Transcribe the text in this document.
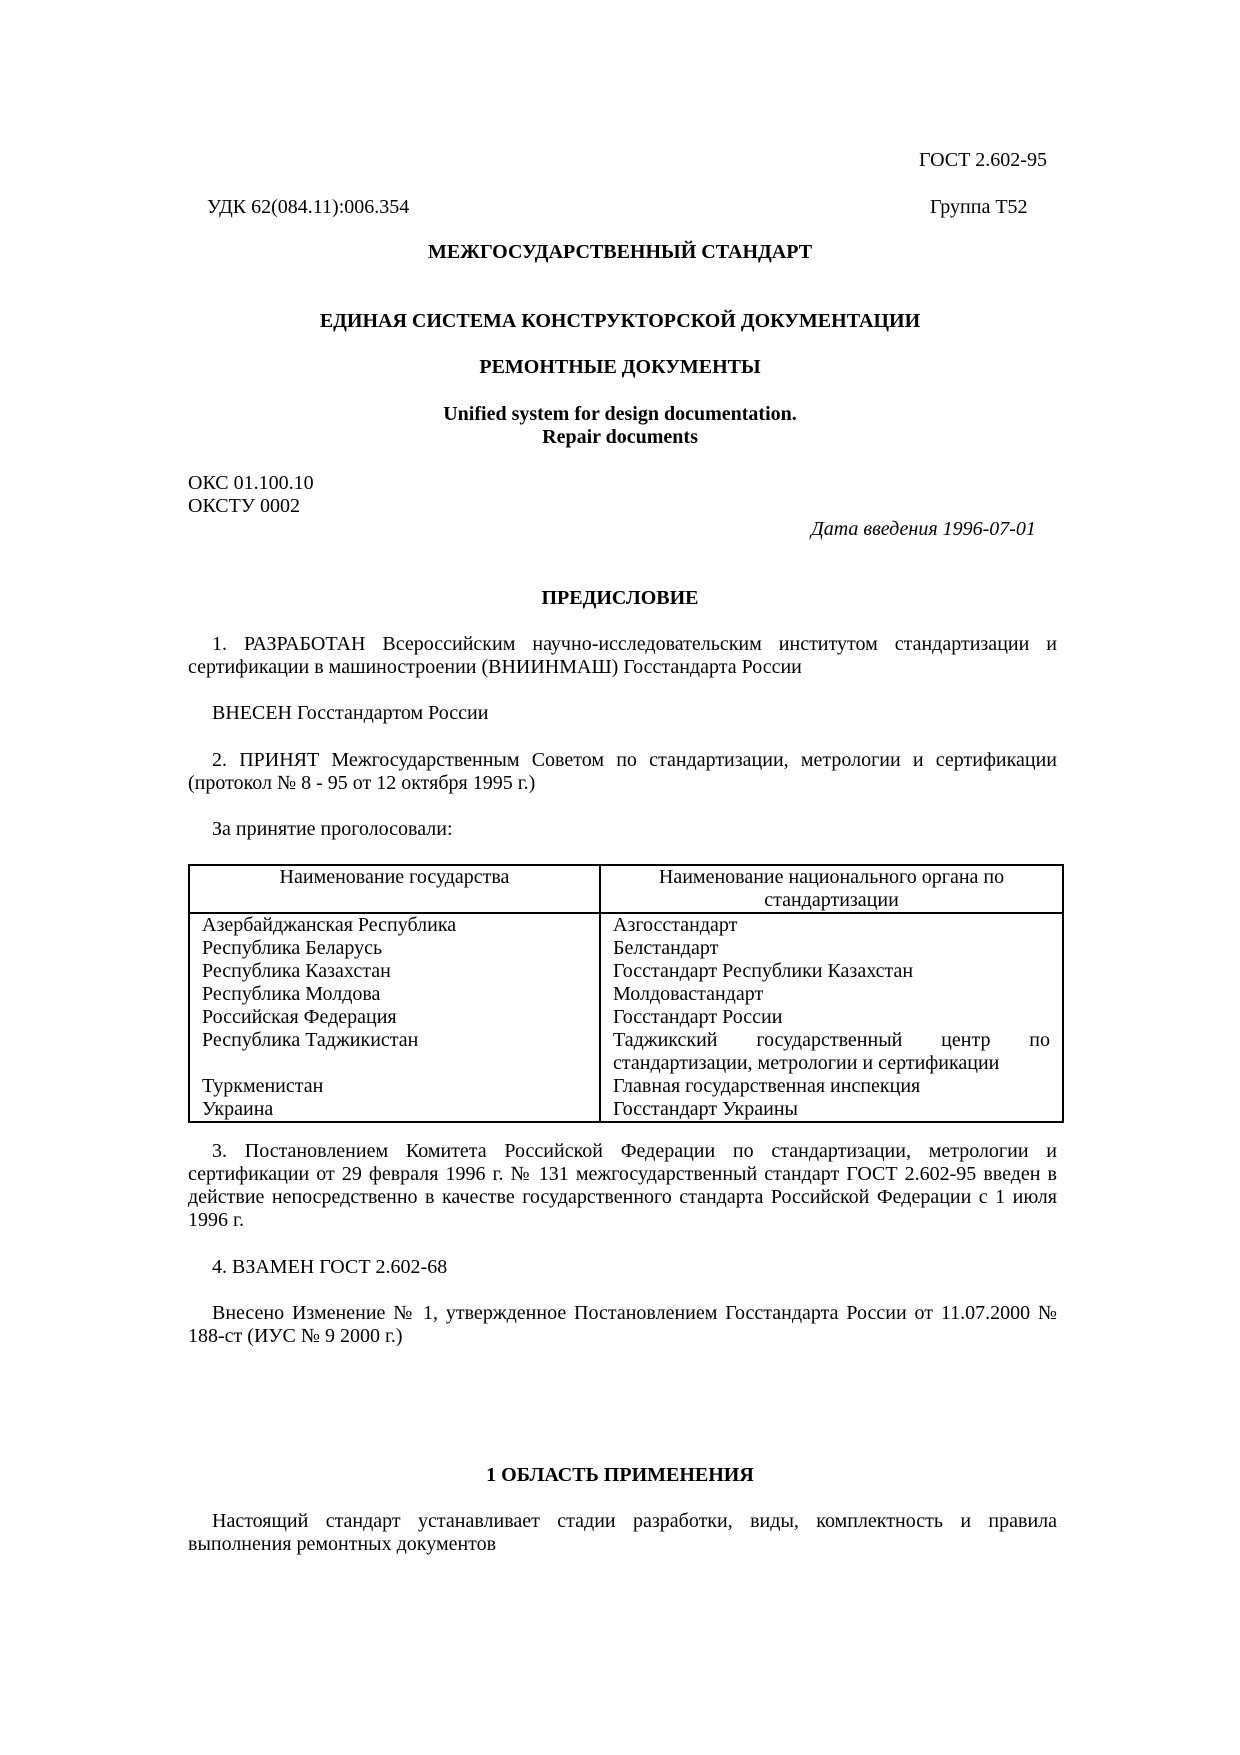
ГОСТ 2.602-95
УДК 62(084.11):006.354	Группа Т52
МЕЖГОСУДАРСТВЕННЫЙ СТАНДАРТ
ЕДИНАЯ СИСТЕМА КОНСТРУКТОРСКОЙ ДОКУМЕНТАЦИИ
РЕМОНТНЫЕ ДОКУМЕНТЫ
Unified system for design documentation.
Repair documents
ОКС 01.100.10
ОКСТУ 0002
Дата введения 1996-07-01
ПРЕДИСЛОВИЕ
1. РАЗРАБОТАН Всероссийским научно-исследовательским институтом стандартизации и сертификации в машиностроении (ВНИИНМАШ) Госстандарта России
ВНЕСЕН Госстандартом России
2. ПРИНЯТ Межгосударственным Советом по стандартизации, метрологии и сертификации (протокол № 8 - 95 от 12 октября 1995 г.)
За принятие проголосовали:
Наименование государства	Наименование национального органа по стандартизации

Азербайджанская Республика	Азгосстандарт
Республика Беларусь	Белстандарт
Республика Казахстан	Госстандарт Республики Казахстан
Республика Молдова	Молдовастандарт
Российская Федерация	Госстандарт России
Республика Таджикистан	Таджикский государственный центр по стандартизации, метрологии и сертификации
Туркменистан	Главная государственная инспекция
Украина	Госстандарт Украины
3. Постановлением Комитета Российской Федерации по стандартизации, метрологии и сертификации от 29 февраля 1996 г. № 131 межгосударственный стандарт ГОСТ 2.602-95 введен в действие непосредственно в качестве государственного стандарта Российской Федерации с 1 июля 1996 г.
4. ВЗАМЕН ГОСТ 2.602-68
Внесено Изменение № 1, утвержденное Постановлением Госстандарта России от 11.07.2000 № 188-ст (ИУС № 9 2000 г.)
1 ОБЛАСТЬ ПРИМЕНЕНИЯ
Настоящий стандарт устанавливает стадии разработки, виды, комплектность и правила выполнения ремонтных документов
